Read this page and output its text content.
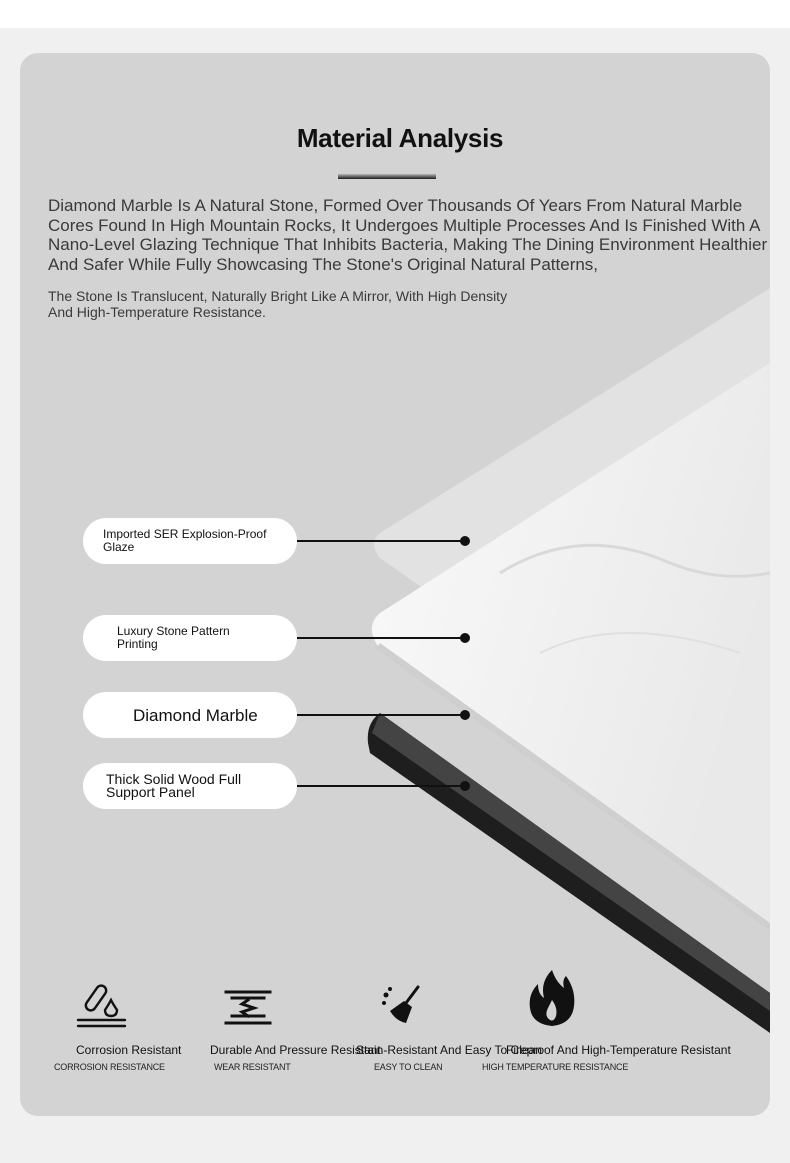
Material Analysis
Diamond Marble Is A Natural Stone, Formed Over Thousands Of Years From Natural Marble Cores Found In High Mountain Rocks, It Undergoes Multiple Processes And Is Finished With A Nano-Level Glazing Technique That Inhibits Bacteria, Making The Dining Environment Healthier And Safer While Fully Showcasing The Stone's Original Natural Patterns,
The Stone Is Translucent, Naturally Bright Like A Mirror, With High Density And High-Temperature Resistance.
Imported SER Explosion-Proof Glaze
Luxury Stone Pattern Printing
Diamond Marble
Thick Solid Wood Full Support Panel
Corrosion Resistant
CORROSION RESISTANCE
Durable And Pressure Resistant
WEAR RESISTANT
Stain-Resistant And Easy To Clean
EASY TO CLEAN
Fireproof And High-Temperature Resistant
HIGH TEMPERATURE RESISTANCE
